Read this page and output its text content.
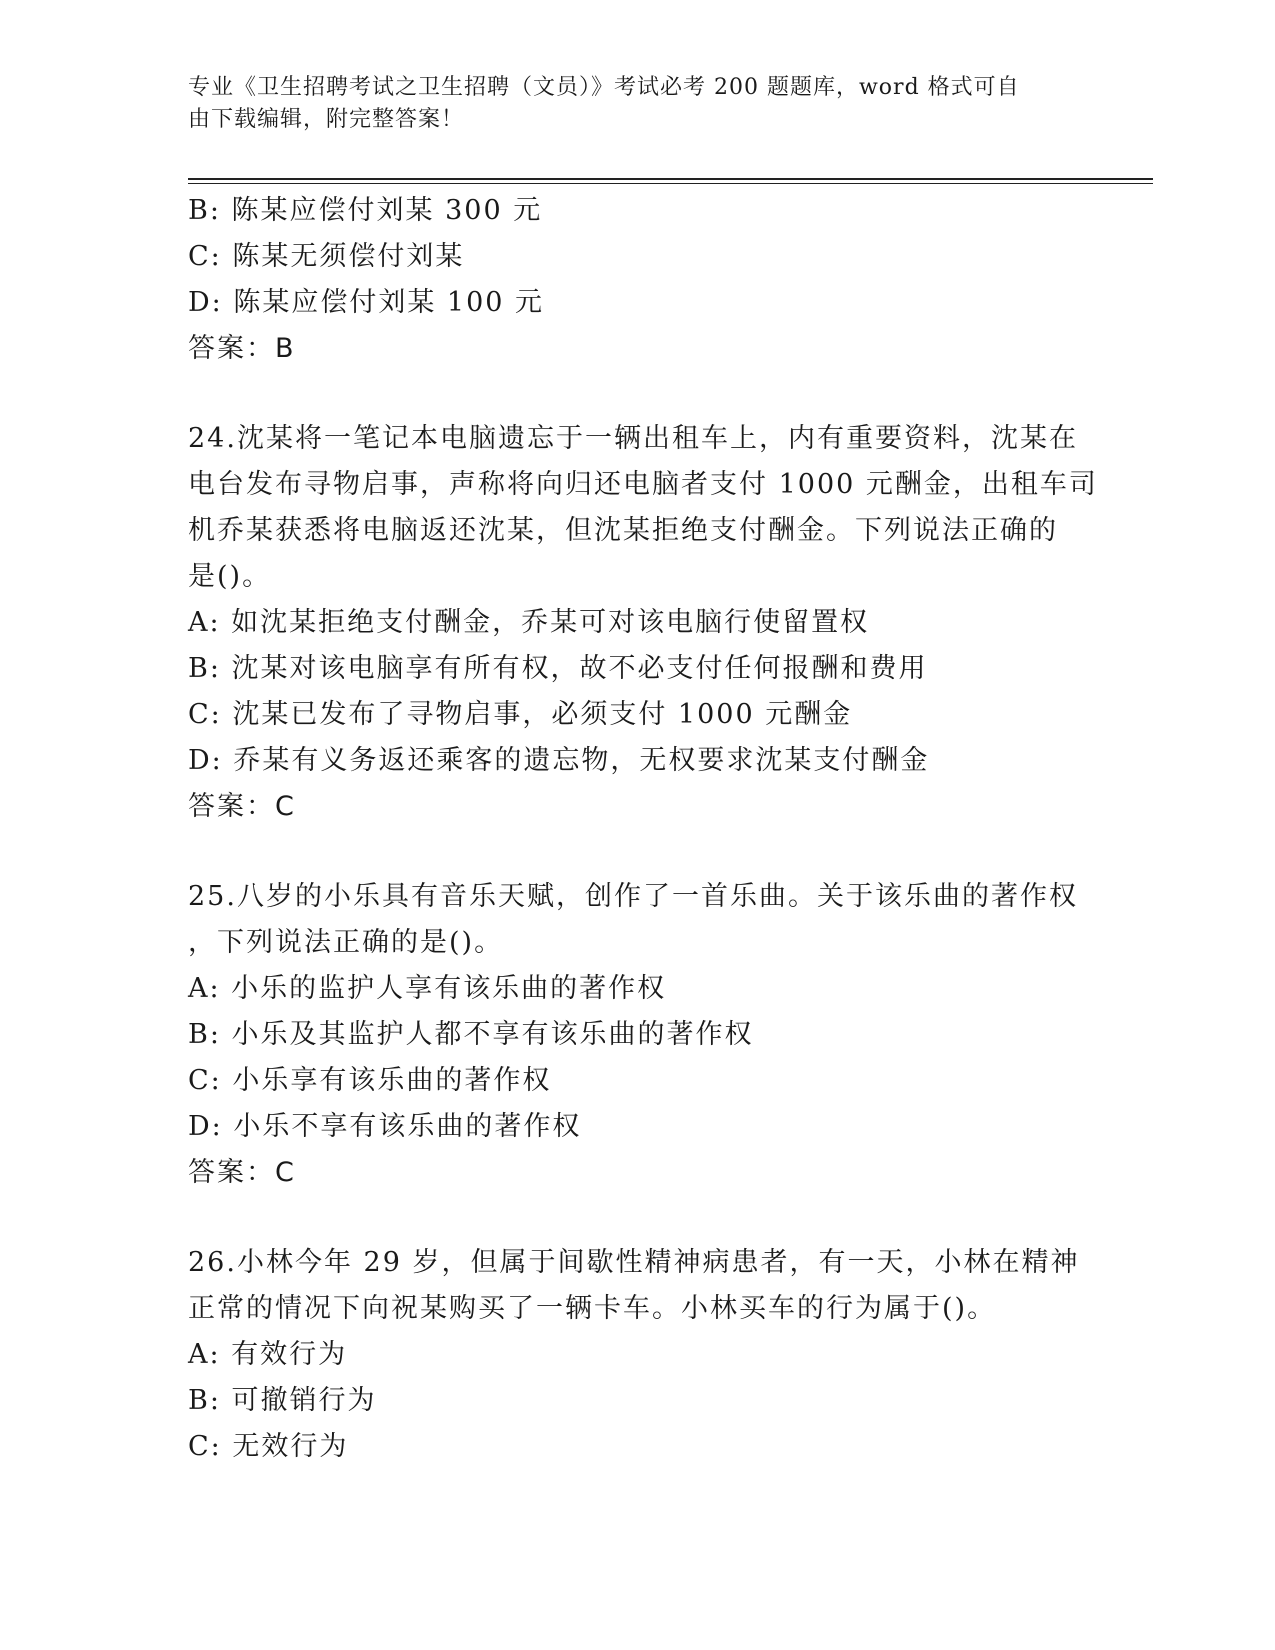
专业《卫生招聘考试之卫生招聘（文员）》考试必考 200 题题库，word 格式可自
由下载编辑，附完整答案！
B: 陈某应偿付刘某 300 元
C: 陈某无须偿付刘某
D: 陈某应偿付刘某 100 元
答案：B
24.沈某将一笔记本电脑遗忘于一辆出租车上，内有重要资料，沈某在
电台发布寻物启事，声称将向归还电脑者支付 1000 元酬金，出租车司
机乔某获悉将电脑返还沈某，但沈某拒绝支付酬金。下列说法正确的
是()。
A: 如沈某拒绝支付酬金，乔某可对该电脑行使留置权
B: 沈某对该电脑享有所有权，故不必支付任何报酬和费用
C: 沈某已发布了寻物启事，必须支付 1000 元酬金
D: 乔某有义务返还乘客的遗忘物，无权要求沈某支付酬金
答案：C
25.八岁的小乐具有音乐天赋，创作了一首乐曲。关于该乐曲的著作权
，下列说法正确的是()。
A: 小乐的监护人享有该乐曲的著作权
B: 小乐及其监护人都不享有该乐曲的著作权
C: 小乐享有该乐曲的著作权
D: 小乐不享有该乐曲的著作权
答案：C
26.小林今年 29 岁，但属于间歇性精神病患者，有一天，小林在精神
正常的情况下向祝某购买了一辆卡车。小林买车的行为属于()。
A: 有效行为
B: 可撤销行为
C: 无效行为
